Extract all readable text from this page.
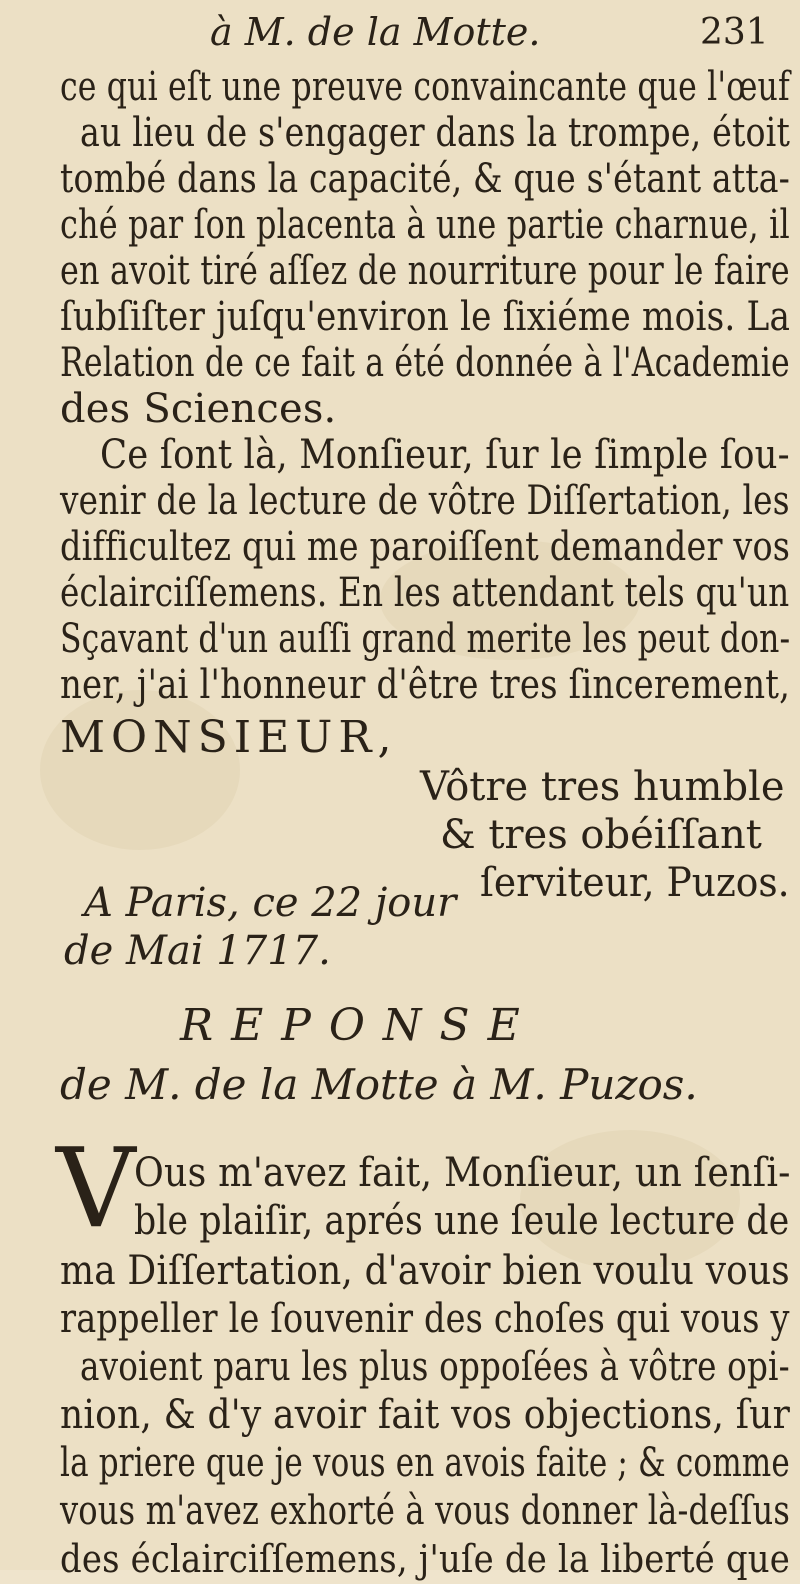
à M. de la Motte.	231
ce qui eſt une preuve convaincante que l'œuf
au lieu de s'engager dans la trompe, étoit
tombé dans la capacité, & que s'étant atta-
ché par ſon placenta à une partie charnue, il
en avoit tiré aſſez de nourriture pour le faire
ſubſiſter juſqu'environ le ſixiéme mois. La
Relation de ce fait a été donnée à l'Academie
des Sciences.
Ce ſont là, Monſieur, ſur le ſimple ſou-
venir de la lecture de vôtre Diſſertation, les
difficultez qui me paroiſſent demander vos
éclairciſſemens. En les attendant tels qu'un
Sçavant d'un auſſi grand merite les peut don-
ner, j'ai l'honneur d'être tres ſincerement,
MONSIEUR,
Vôtre tres humble
& tres obéiſſant
ſerviteur, Puzos.
A Paris, ce 22 jour
de Mai 1717.
REPONSE
de M. de la Motte à M. Puzos.
V
Ous m'avez fait, Monſieur, un ſenſi-
ble plaiſir, aprés une ſeule lecture de
ma Diſſertation, d'avoir bien voulu vous
rappeller le ſouvenir des choſes qui vous y
avoient paru les plus oppoſées à vôtre opi-
nion, & d'y avoir fait vos objections, ſur
la priere que je vous en avois faite ; & comme
vous m'avez exhorté à vous donner là-deſſus
des éclairciſſemens, j'uſe de la liberté que
